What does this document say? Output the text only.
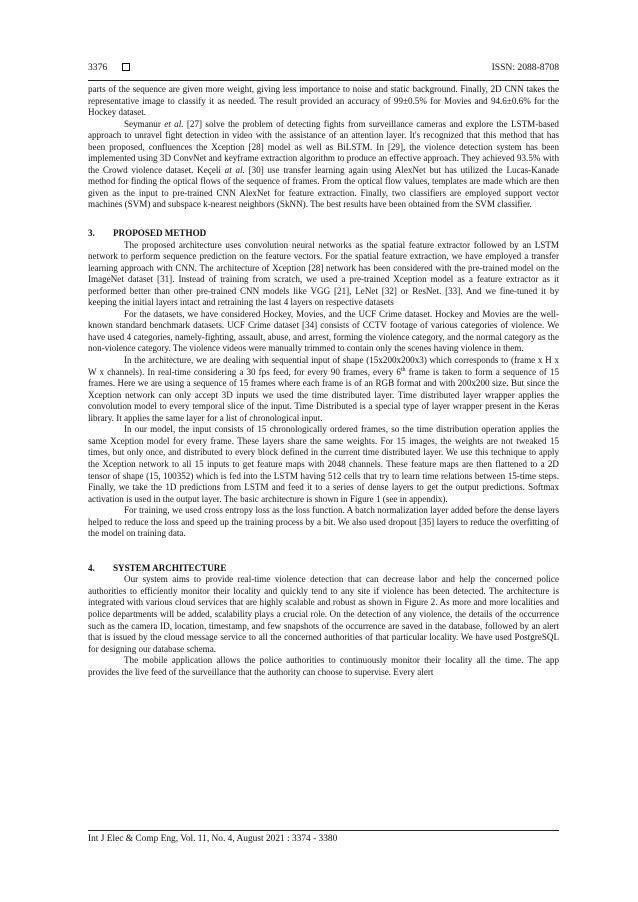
3376	ISSN: 2088-8708

parts of the sequence are given more weight, giving less importance to noise and static background. Finally, 2D CNN takes the representative image to classify it as needed. The result provided an accuracy of 99±0.5% for Movies and 94.6±0.6% for the Hockey dataset.

Seymanur et al. [27] solve the problem of detecting fights from surveillance cameras and explore the LSTM-based approach to unravel fight detection in video with the assistance of an attention layer. It's recognized that this method that has been proposed, confluences the Xception [28] model as well as BiLSTM. In [29], the violence detection system has been implemented using 3D ConvNet and keyframe extraction algorithm to produce an effective approach. They achieved 93.5% with the Crowd violence dataset. Keçeli at al. [30] use transfer learning again using AlexNet but has utilized the Lucas-Kanade method for finding the optical flows of the sequence of frames. From the optical flow values, templates are made which are then given as the input to pre-trained CNN AlexNet for feature extraction. Finally, two classifiers are employed support vector machines (SVM) and subspace k-nearest neighbors (SkNN). The best results have been obtained from the SVM classifier.

3. PROPOSED METHOD

The proposed architecture uses convolution neural networks as the spatial feature extractor followed by an LSTM network to perform sequence prediction on the feature vectors. For the spatial feature extraction, we have employed a transfer learning approach with CNN. The architecture of Xception [28] network has been considered with the pre-trained model on the ImageNet dataset [31]. Instead of training from scratch, we used a pre-trained Xception model as a feature extractor as it performed better than other pre-trained CNN models like VGG [21], LeNet [32] or ResNet. [33]. And we fine-tuned it by keeping the initial layers intact and retraining the last 4 layers on respective datasets

For the datasets, we have considered Hockey, Movies, and the UCF Crime dataset. Hockey and Movies are the well-known standard benchmark datasets. UCF Crime dataset [34] consists of CCTV footage of various categories of violence. We have used 4 categories, namely-fighting, assault, abuse, and arrest, forming the violence category, and the normal category as the non-violence category. The violence videos were manually trimmed to contain only the scenes having violence in them.

In the architecture, we are dealing with sequential input of shape (15x200x200x3) which corresponds to (frame x H x W x channels). In real-time considering a 30 fps feed, for every 90 frames, every 6th frame is taken to form a sequence of 15 frames. Here we are using a sequence of 15 frames where each frame is of an RGB format and with 200x200 size. But since the Xception network can only accept 3D inputs we used the time distributed layer. Time distributed layer wrapper applies the convolution model to every temporal slice of the input. Time Distributed is a special type of layer wrapper present in the Keras library. It applies the same layer for a list of chronological input.

In our model, the input consists of 15 chronologically ordered frames, so the time distribution operation applies the same Xception model for every frame. These layers share the same weights. For 15 images, the weights are not tweaked 15 times, but only once, and distributed to every block defined in the current time distributed layer. We use this technique to apply the Xception network to all 15 inputs to get feature maps with 2048 channels. These feature maps are then flattened to a 2D tensor of shape (15, 100352) which is fed into the LSTM having 512 cells that try to learn time relations between 15-time steps. Finally, we take the 1D predictions from LSTM and feed it to a series of dense layers to get the output predictions. Softmax activation is used in the output layer. The basic architecture is shown in Figure 1 (see in appendix).

For training, we used cross entropy loss as the loss function. A batch normalization layer added before the dense layers helped to reduce the loss and speed up the training process by a bit. We also used dropout [35] layers to reduce the overfitting of the model on training data.

4. SYSTEM ARCHITECTURE

Our system aims to provide real-time violence detection that can decrease labor and help the concerned police authorities to efficiently monitor their locality and quickly tend to any site if violence has been detected. The architecture is integrated with various cloud services that are highly scalable and robust as shown in Figure 2. As more and more localities and police departments will be added, scalability plays a crucial role. On the detection of any violence, the details of the occurrence such as the camera ID, location, timestamp, and few snapshots of the occurrence are saved in the database, followed by an alert that is issued by the cloud message service to all the concerned authorities of that particular locality. We have used PostgreSQL for designing our database schema.

The mobile application allows the police authorities to continuously monitor their locality all the time. The app provides the live feed of the surveillance that the authority can choose to supervise. Every alert

Int J Elec & Comp Eng, Vol. 11, No. 4, August 2021 : 3374 - 3380
